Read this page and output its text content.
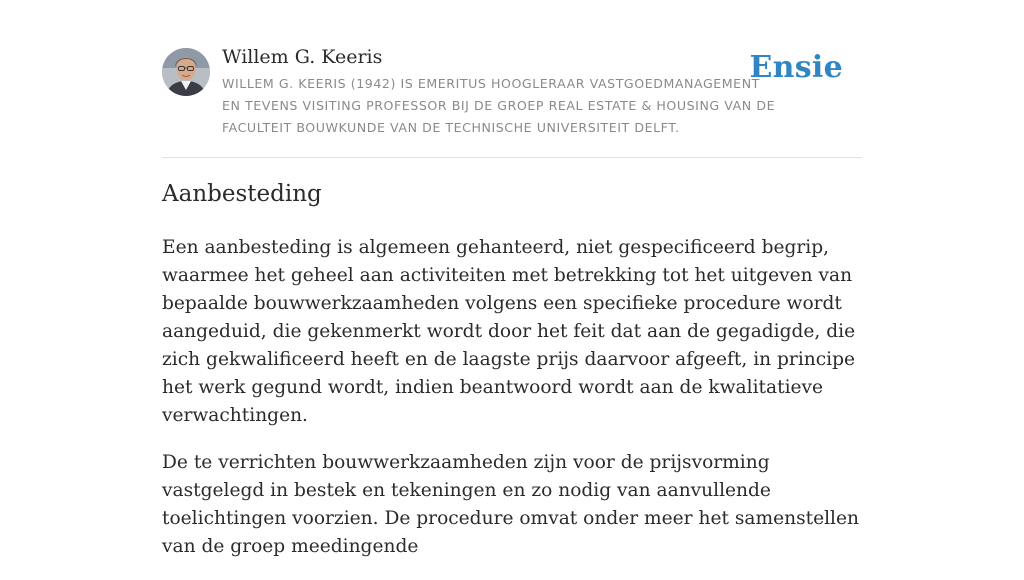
Willem G. Keeris
WILLEM G. KEERIS (1942) IS EMERITUS HOOGLERAAR VASTGOEDMANAGEMENT EN TEVENS VISITING PROFESSOR BIJ DE GROEP REAL ESTATE & HOUSING VAN DE FACULTEIT BOUWKUNDE VAN DE TECHNISCHE UNIVERSITEIT DELFT.
Ensie
Aanbesteding

Een aanbesteding is algemeen gehanteerd, niet gespecificeerd begrip, waarmee het geheel aan activiteiten met betrekking tot het uitgeven van bepaalde bouwwerkzaamheden volgens een specifieke procedure wordt aangeduid, die gekenmerkt wordt door het feit dat aan de gegadigde, die zich gekwalificeerd heeft en de laagste prijs daarvoor afgeeft, in principe het werk gegund wordt, indien beantwoord wordt aan de kwalitatieve verwachtingen.

De te verrichten bouwwerkzaamheden zijn voor de prijsvorming vastgelegd in bestek en tekeningen en zo nodig van aanvullende toelichtingen voorzien. De procedure omvat onder meer het samenstellen van de groep meedingende
